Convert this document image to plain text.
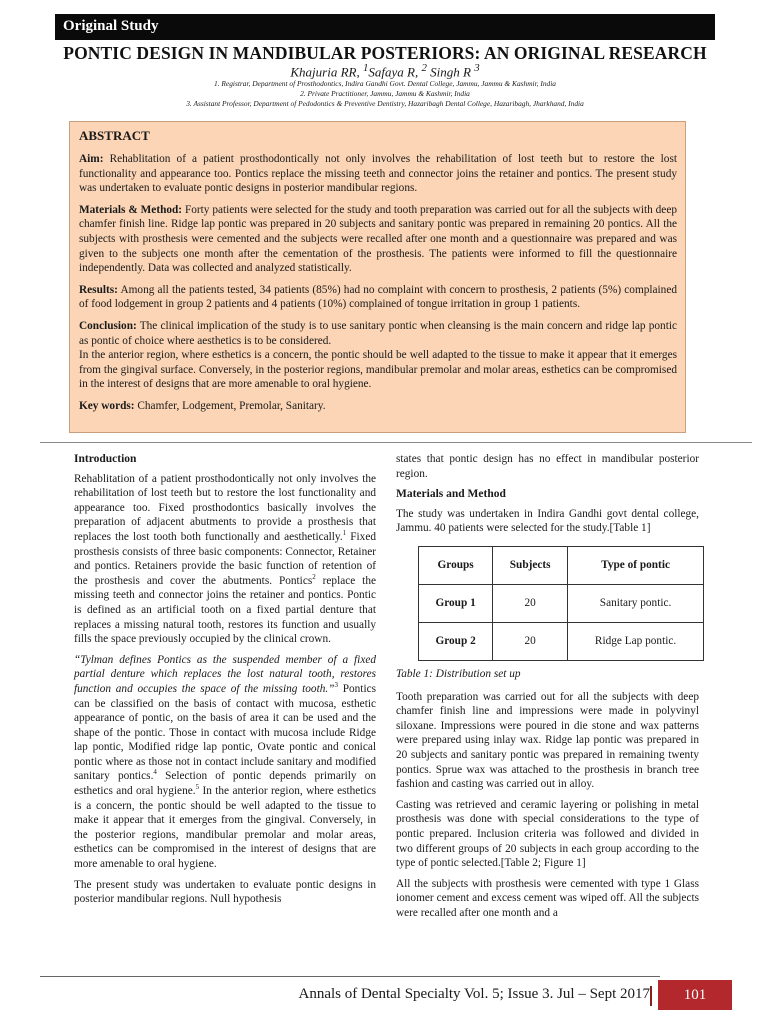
Original Study
PONTIC DESIGN IN MANDIBULAR POSTERIORS: AN ORIGINAL RESEARCH
Khajuria RR, $^1$Safaya R, $^2$ Singh R $^3$
1. Registrar, Department of Prosthodontics, Indira Gandhi Govt. Dental College, Jammu, Jammu & Kashmir, India
2. Private Practitioner, Jammu, Jammu & Kashmir, India
3. Assistant Professor, Department of Pedodontics & Preventive Dentistry, Hazaribagh Dental College, Hazaribagh, Jharkhand, India
ABSTRACT

Aim: Rehablitation of a patient prosthodontically not only involves the rehabilitation of lost teeth but to restore the lost functionality and appearance too. Pontics replace the missing teeth and connector joins the retainer and pontics. The present study was undertaken to evaluate pontic designs in posterior mandibular regions.

Materials & Method: Forty patients were selected for the study and tooth preparation was carried out for all the subjects with deep chamfer finish line. Ridge lap pontic was prepared in 20 subjects and sanitary pontic was prepared in remaining 20 pontics. All the subjects with prosthesis were cemented and the subjects were recalled after one month and a questionnaire was prepared and was given to the subjects one month after the cementation of the prosthesis. The patients were informed to fill the questionnaire independently. Data was collected and analyzed statistically.

Results: Among all the patients tested, 34 patients (85%) had no complaint with concern to prosthesis, 2 patients (5%) complained of food lodgement in group 2 patients and 4 patients (10%) complained of tongue irritation in group 1 patients.

Conclusion: The clinical implication of the study is to use sanitary pontic when cleansing is the main concern and ridge lap pontic as pontic of choice where aesthetics is to be considered.

In the anterior region, where esthetics is a concern, the pontic should be well adapted to the tissue to make it appear that it emerges from the gingival surface. Conversely, in the posterior regions, mandibular premolar and molar areas, esthetics can be compromised in the interest of designs that are more amenable to oral hygiene.

Key words: Chamfer, Lodgement, Premolar, Sanitary.

Introduction

Rehablitation of a patient prosthodontically not only involves the rehabilitation of lost teeth but to restore the lost functionality and appearance too. Fixed prosthodontics basically involves the preparation of adjacent abutments to provide a prosthesis that replaces the lost tooth both functionally and aesthetically.$^1$ Fixed prosthesis consists of three basic components: Connector, Retainer and pontics. Retainers provide the basic function of retention of the prosthesis and cover the abutments. Pontics$^2$ replace the missing teeth and connector joins the retainer and pontics. Pontic is defined as an artificial tooth on a fixed partial denture that replaces a missing natural tooth, restores its function and usually fills the space previously occupied by the clinical crown.

“Tylman defines Pontics as the suspended member of a fixed partial denture which replaces the lost natural tooth, restores function and occupies the space of the missing tooth.”$^3$ Pontics can be classified on the basis of contact with mucosa, esthetic appearance of pontic, on the basis of area it can be used and the shape of the pontic. Those in contact with mucosa include Ridge lap pontic, Modified ridge lap pontic, Ovate pontic and conical pontic where as those not in contact include sanitary and modified sanitary pontics.$^4$ Selection of pontic depends primarily on esthetics and oral hygiene.$^5$ In the anterior region, where esthetics is a concern, the pontic should be well adapted to the tissue to make it appear that it emerges from the gingival. Conversely, in the posterior regions, mandibular premolar and molar areas, esthetics can be compromised in the interest of designs that are more amenable to oral hygiene.

The present study was undertaken to evaluate pontic designs in posterior mandibular regions. Null hypothesis

states that pontic design has no effect in mandibular posterior region.

Materials and Method

The study was undertaken in Indira Gandhi govt dental college, Jammu. 40 patients were selected for the study.[Table 1]

Groups	Subjects	Type of pontic
Group 1	20	Sanitary pontic.
Group 2	20	Ridge Lap pontic.
Table 1: Distribution set up

Tooth preparation was carried out for all the subjects with deep chamfer finish line and impressions were made in polyvinyl siloxane. Impressions were poured in die stone and wax patterns were prepared using inlay wax. Ridge lap pontic was prepared in 20 subjects and sanitary pontic was prepared in remaining twenty pontics. Sprue wax was attached to the prosthesis in branch tree fashion and casting was carried out in alloy.

Casting was retrieved and ceramic layering or polishing in metal prosthesis was done with special considerations to the type of pontic prepared. Inclusion criteria was followed and divided in two different groups of 20 subjects in each group according to the type of pontic selected.[Table 2; Figure 1]

All the subjects with prosthesis were cemented with type 1 Glass ionomer cement and excess cement was wiped off. All the subjects were recalled after one month and a

Annals of Dental Specialty Vol. 5; Issue 3. Jul – Sept 2017	101
